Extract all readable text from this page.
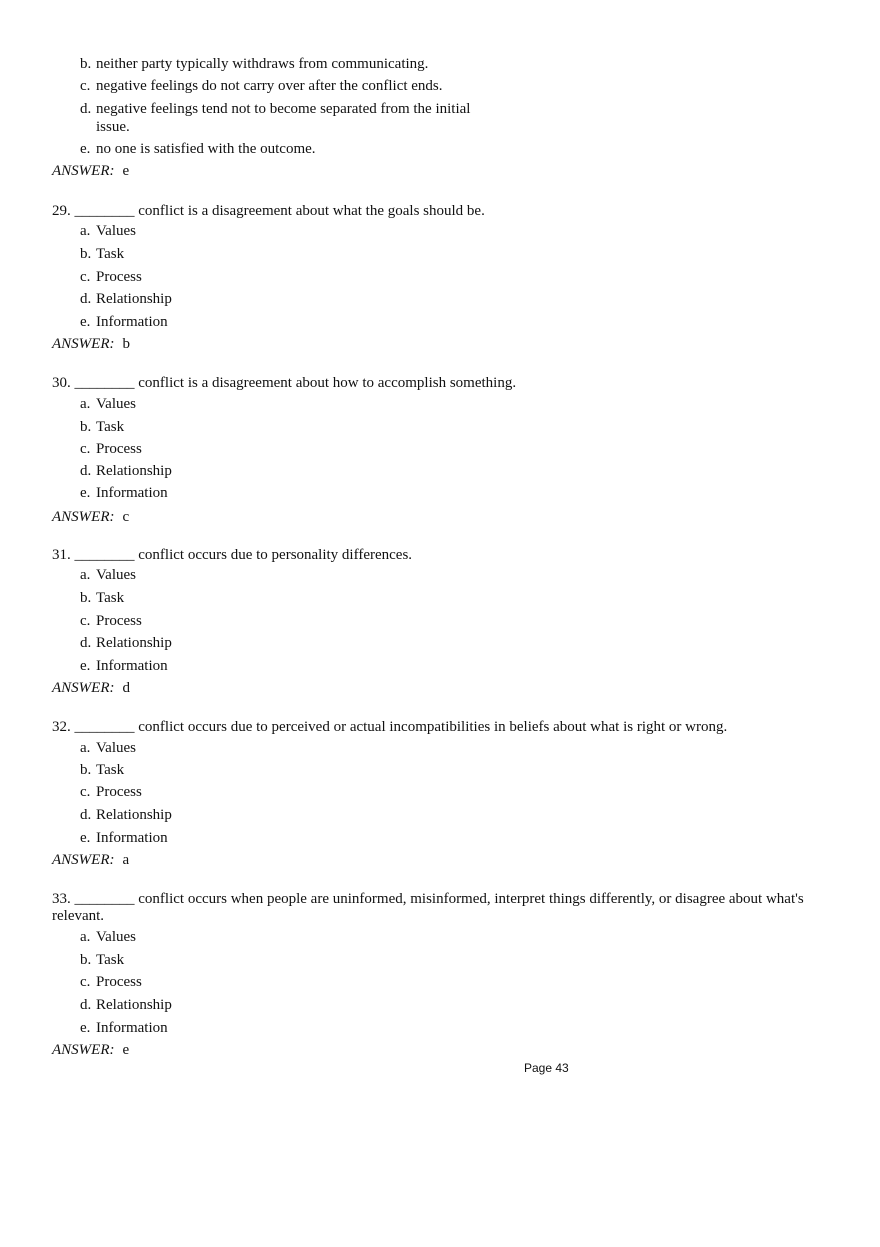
b. neither party typically withdraws from communicating.
c. negative feelings do not carry over after the conflict ends.
d. negative feelings tend not to become separated from the initial
issue.
e. no one is satisfied with the outcome.
ANSWER: e
29. ________ conflict is a disagreement about what the goals should be.
a. Values
b. Task
c. Process
d. Relationship
e. Information
ANSWER: b
30. ________ conflict is a disagreement about how to accomplish something.
a. Values
b. Task
c. Process
d. Relationship
e. Information
ANSWER: c
31. ________ conflict occurs due to personality differences.
a. Values
b. Task
c. Process
d. Relationship
e. Information
ANSWER: d
32. ________ conflict occurs due to perceived or actual incompatibilities in beliefs about what is right or wrong.
a. Values
b. Task
c. Process
d. Relationship
e. Information
ANSWER: a
33. ________ conflict occurs when people are uninformed, misinformed, interpret things differently, or disagree about what's relevant.
a. Values
b. Task
c. Process
d. Relationship
e. Information
ANSWER: e
Page 43
